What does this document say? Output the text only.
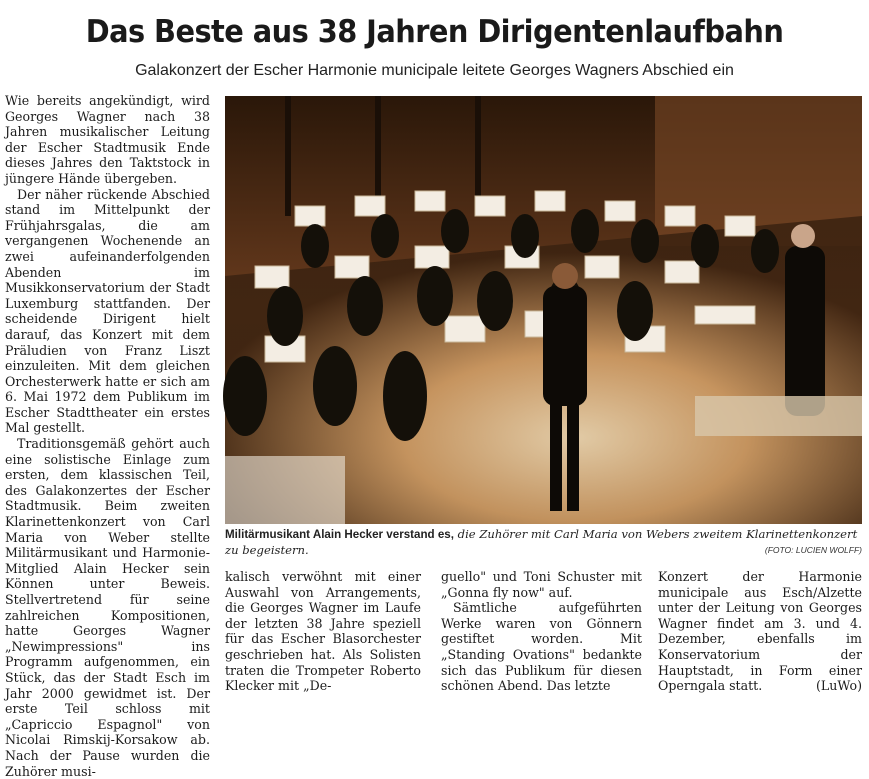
Das Beste aus 38 Jahren Dirigentenlaufbahn

Galakonzert der Escher Harmonie municipale leitete Georges Wagners Abschied ein

Wie bereits angekündigt, wird Georges Wagner nach 38 Jahren musikalischer Leitung der Escher Stadtmusik Ende dieses Jahres den Taktstock in jüngere Hände übergeben.

Der näher rückende Abschied stand im Mittelpunkt der Frühjahrsgalas, die am vergangenen Wochenende an zwei aufeinanderfolgenden Abenden im Musikkonservatorium der Stadt Luxemburg stattfanden. Der scheidende Dirigent hielt darauf, das Konzert mit dem Präludien von Franz Liszt einzuleiten. Mit dem gleichen Orchesterwerk hatte er sich am 6. Mai 1972 dem Publikum im Escher Stadttheater ein erstes Mal gestellt.

Traditionsgemäß gehört auch eine solistische Einlage zum ersten, dem klassischen Teil, des Galakonzertes der Escher Stadtmusik. Beim zweiten Klarinettenkonzert von Carl Maria von Weber stellte Militärmusikant und Harmonie-Mitglied Alain Hecker sein Können unter Beweis. Stellvertretend für seine zahlreichen Kompositionen, hatte Georges Wagner „Newimpressions" ins Programm aufgenommen, ein Stück, das der Stadt Esch im Jahr 2000 gewidmet ist. Der erste Teil schloss mit „Capriccio Espagnol" von Nicolai Rimskij-Korsakow ab. Nach der Pause wurden die Zuhörer musi-

Militärmusikant Alain Hecker verstand es, die Zuhörer mit Carl Maria von Webers zweitem Klarinettenkonzert zu begeistern.	(FOTO: LUCIEN WOLFF)

kalisch verwöhnt mit einer Auswahl von Arrangements, die Georges Wagner im Laufe der letzten 38 Jahre speziell für das Escher Blasorchester geschrieben hat. Als Solisten traten die Trompeter Roberto Klecker mit „De-

guello" und Toni Schuster mit „Gonna fly now" auf.

Sämtliche aufgeführten Werke waren von Gönnern gestiftet worden. Mit „Standing Ovations" bedankte sich das Publikum für diesen schönen Abend. Das letzte

Konzert der Harmonie municipale aus Esch/Alzette unter der Leitung von Georges Wagner findet am 3. und 4. Dezember, ebenfalls im Konservatorium der Hauptstadt, in Form einer Operngala statt.	(LuWo)
